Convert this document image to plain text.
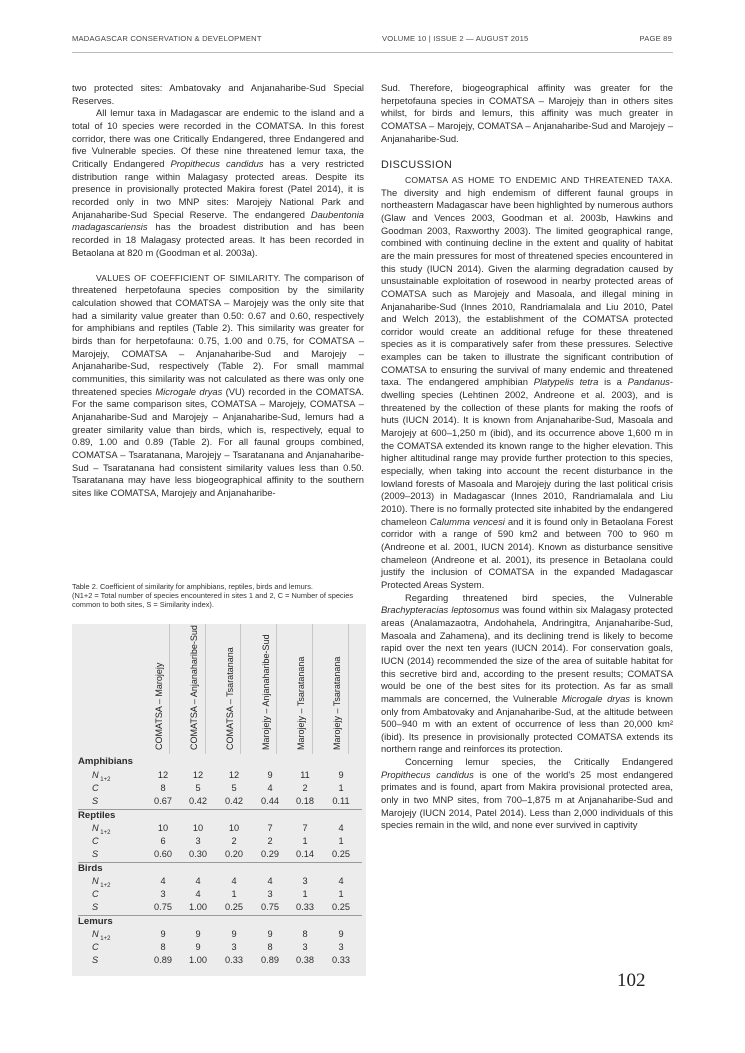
MADAGASCAR CONSERVATION & DEVELOPMENT	VOLUME 10 | ISSUE 2 — AUGUST 2015	PAGE 89

two protected sites: Ambatovaky and Anjanaharibe-Sud Special Reserves.

All lemur taxa in Madagascar are endemic to the island and a total of 10 species were recorded in the COMATSA. In this forest corridor, there was one Critically Endangered, three Endangered and five Vulnerable species. Of these nine threatened lemur taxa, the Critically Endangered Propithecus candidus has a very restricted distribution range within Malagasy protected areas. Despite its presence in provisionally protected Makira forest (Patel 2014), it is recorded only in two MNP sites: Marojejy National Park and Anjanaharibe-Sud Special Reserve. The endangered Daubentonia madagascariensis has the broadest distribution and has been recorded in 18 Malagasy protected areas. It has been recorded in Betaolana at 820 m (Goodman et al. 2003a).

VALUES OF COEFFICIENT OF SIMILARITY. The comparison of threatened herpetofauna species composition by the similarity calculation showed that COMATSA – Marojejy was the only site that had a similarity value greater than 0.50: 0.67 and 0.60, respectively for amphibians and reptiles (Table 2). This similarity was greater for birds than for herpetofauna: 0.75, 1.00 and 0.75, for COMATSA – Marojejy, COMATSA – Anjanaharibe-Sud and Marojejy – Anjanaharibe-Sud, respectively (Table 2). For small mammal communities, this similarity was not calculated as there was only one threatened species Microgale dryas (VU) recorded in the COMATSA. For the same comparison sites, COMATSA – Marojejy, COMATSA – Anjanaharibe-Sud and Marojejy – Anjanaharibe-Sud, lemurs had a greater similarity value than birds, which is, respectively, equal to 0.89, 1.00 and 0.89 (Table 2). For all faunal groups combined, COMATSA – Tsaratanana, Marojejy – Tsaratanana and Anjanaharibe-Sud – Tsaratanana had consistent similarity values less than 0.50. Tsaratanana may have less biogeographical affinity to the southern sites like COMATSA, Marojejy and Anjanaharibe-

Table 2. Coefficient of similarity for amphibians, reptiles, birds and lemurs.

(N1+2 = Total number of species encountered in sites 1 and 2, C = Number of species common to both sites, S = Similarity index).

COMATSA – Marojejy	COMATSA – Anjanaharibe-Sud	COMATSA – Tsaratanana	Marojejy – Anjanaharibe-Sud	Marojejy – Tsaratanana	Marojejy – Tsaratanana
Amphibians
N $_{1+2}$	12	12	12	9	11	9
C	8	5	5	4	2	1
S	0.67	0.42	0.42	0.44	0.18	0.11
Reptiles
N $_{1+2}$	10	10	10	7	7	4
C	6	3	2	2	1	1
S	0.60	0.30	0.20	0.29	0.14	0.25
Birds
N $_{1+2}$	4	4	4	4	3	4
C	3	4	1	3	1	1
S	0.75	1.00	0.25	0.75	0.33	0.25
Lemurs
N $_{1+2}$	9	9	9	9	8	9
C	8	9	3	8	3	3
S	0.89	1.00	0.33	0.89	0.38	0.33

Sud. Therefore, biogeographical affinity was greater for the herpetofauna species in COMATSA – Marojejy than in others sites whilst, for birds and lemurs, this affinity was much greater in COMATSA – Marojejy, COMATSA – Anjanaharibe-Sud and Marojejy – Anjanaharibe-Sud.

DISCUSSION

COMATSA AS HOME TO ENDEMIC AND THREATENED TAXA. The diversity and high endemism of different faunal groups in northeastern Madagascar have been highlighted by numerous authors (Glaw and Vences 2003, Goodman et al. 2003b, Hawkins and Goodman 2003, Raxworthy 2003). The limited geographical range, combined with continuing decline in the extent and quality of habitat are the main pressures for most of threatened species encountered in this study (IUCN 2014). Given the alarming degradation caused by unsustainable exploitation of rosewood in nearby protected areas of COMATSA such as Marojejy and Masoala, and illegal mining in Anjanaharibe-Sud (Innes 2010, Randriamalala and Liu 2010, Patel and Welch 2013), the establishment of the COMATSA protected corridor would create an additional refuge for these threatened species as it is comparatively safer from these pressures. Selective examples can be taken to illustrate the significant contribution of COMATSA to ensuring the survival of many endemic and threatened taxa. The endangered amphibian Platypelis tetra is a Pandanus-dwelling species (Lehtinen 2002, Andreone et al. 2003), and is threatened by the collection of these plants for making the roofs of huts (IUCN 2014). It is known from Anjanaharibe-Sud, Masoala and Marojejy at 600–1,250 m (ibid), and its occurrence above 1,600 m in the COMATSA extended its known range to the higher elevation. This higher altitudinal range may provide further protection to this species, especially, when taking into account the recent disturbance in the lowland forests of Masoala and Marojejy during the last political crisis (2009–2013) in Madagascar (Innes 2010, Randriamalala and Liu 2010). There is no formally protected site inhabited by the endangered chameleon Calumma vencesi and it is found only in Betaolana Forest corridor with a range of 590 km2 and between 700 to 960 m (Andreone et al. 2001, IUCN 2014). Known as disturbance sensitive chameleon (Andreone et al. 2001), its presence in Betaolana could justify the inclusion of COMATSA in the expanded Madagascar Protected Areas System.

Regarding threatened bird species, the Vulnerable Brachypteracias leptosomus was found within six Malagasy protected areas (Analamazaotra, Andohahela, Andringitra, Anjanaharibe-Sud, Masoala and Zahamena), and its declining trend is likely to become rapid over the next ten years (IUCN 2014). For conservation goals, IUCN (2014) recommended the size of the area of suitable habitat for this secretive bird and, according to the present results; COMATSA would be one of the best sites for its protection. As far as small mammals are concerned, the Vulnerable Microgale dryas is known only from Ambatovaky and Anjanaharibe-Sud, at the altitude between 500–940 m with an extent of occurrence of less than 20,000 km² (ibid). Its presence in provisionally protected COMATSA extends its northern range and reinforces its protection.

Concerning lemur species, the Critically Endangered Propithecus candidus is one of the world's 25 most endangered primates and is found, apart from Makira provisional protected area, only in two MNP sites, from 700–1,875 m at Anjanaharibe-Sud and Marojejy (IUCN 2014, Patel 2014). Less than 2,000 individuals of this species remain in the wild, and none ever survived in captivity

102
